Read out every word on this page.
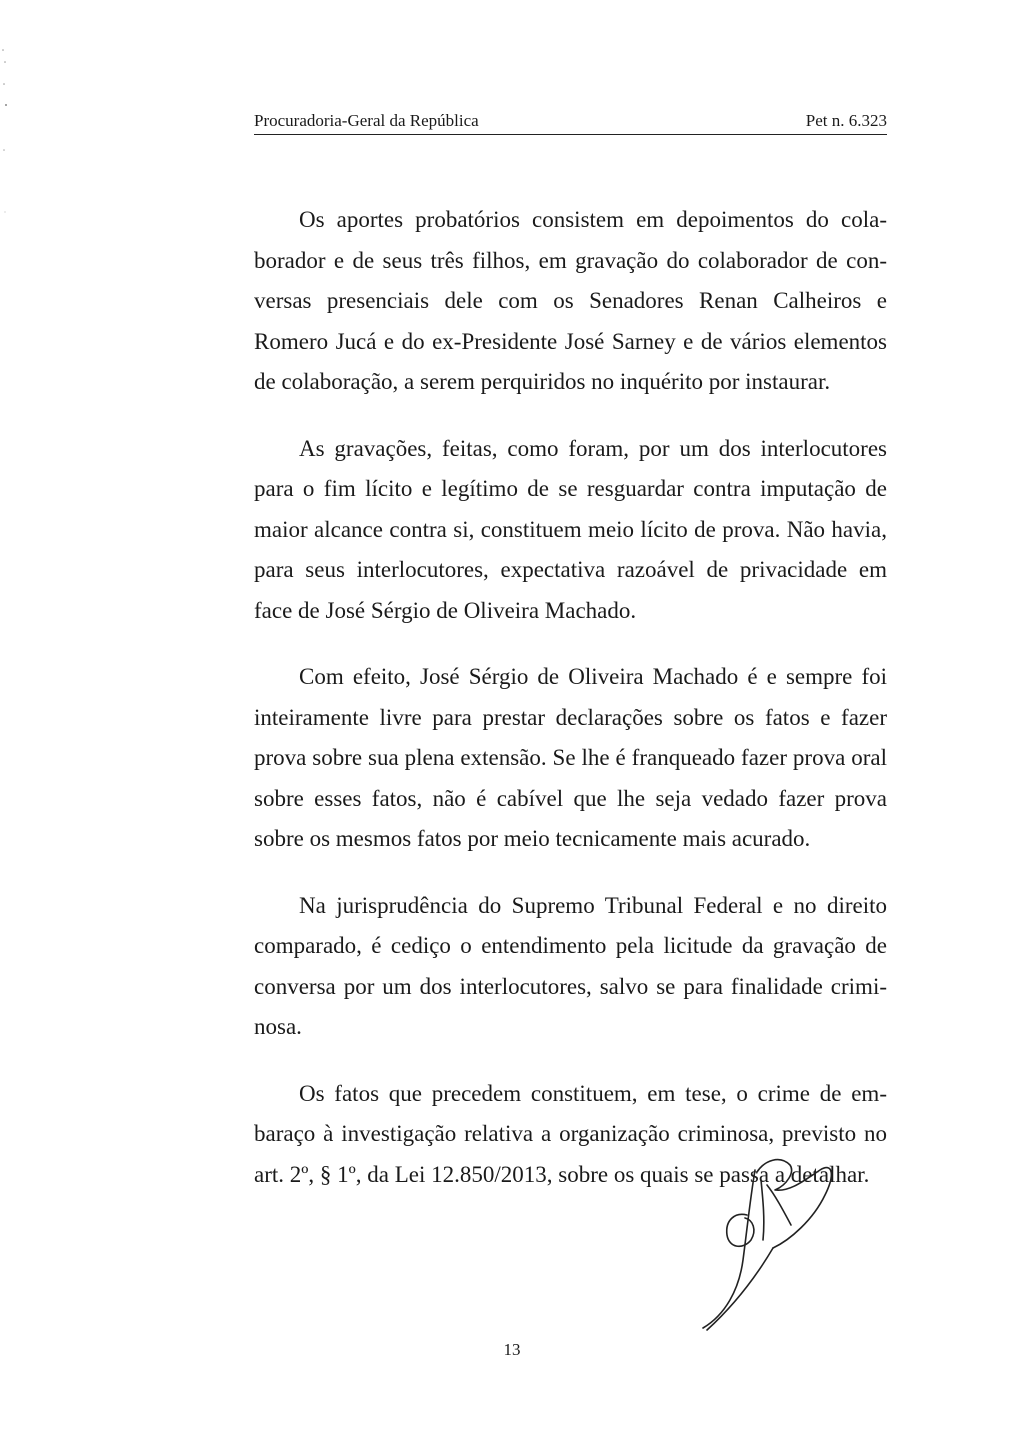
Procuradoria-Geral da República	Pet n. 6.323

Os aportes probatórios consistem em depoimentos do colaborador e de seus três filhos, em gravação do colaborador de conversas presenciais dele com os Senadores Renan Calheiros e Romero Jucá e do ex-Presidente José Sarney e de vários elementos de colaboração, a serem perquiridos no inquérito por instaurar.

As gravações, feitas, como foram, por um dos interlocutores para o fim lícito e legítimo de se resguardar contra imputação de maior alcance contra si, constituem meio lícito de prova. Não havia, para seus interlocutores, expectativa razoável de privacidade em face de José Sérgio de Oliveira Machado.

Com efeito, José Sérgio de Oliveira Machado é e sempre foi inteiramente livre para prestar declarações sobre os fatos e fazer prova sobre sua plena extensão. Se lhe é franqueado fazer prova oral sobre esses fatos, não é cabível que lhe seja vedado fazer prova sobre os mesmos fatos por meio tecnicamente mais acurado.

Na jurisprudência do Supremo Tribunal Federal e no direito comparado, é cediço o entendimento pela licitude da gravação de conversa por um dos interlocutores, salvo se para finalidade criminosa.

Os fatos que precedem constituem, em tese, o crime de embaraço à investigação relativa a organização criminosa, previsto no art. 2º, § 1º, da Lei 12.850/2013, sobre os quais se passa a detalhar.

13
